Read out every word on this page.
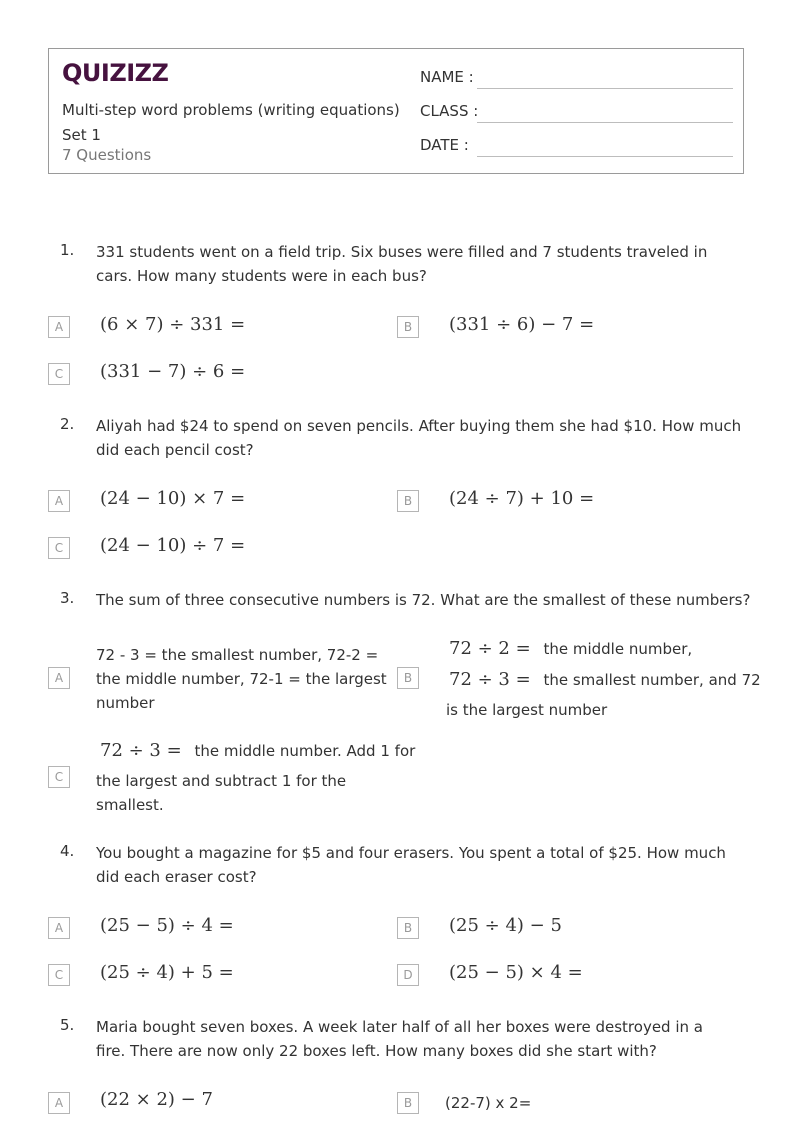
QUIZIZZ
Multi-step word problems (writing equations)
Set 1
7 Questions
NAME :
CLASS :
DATE :
1. 331 students went on a field trip. Six buses were filled and 7 students traveled in cars. How many students were in each bus?
A	(6 × 7) ÷ 331 =	B	(331 ÷ 6) − 7 =
C	(331 − 7) ÷ 6 =
2. Aliyah had $24 to spend on seven pencils. After buying them she had $10. How much did each pencil cost?
A	(24 − 10) × 7 =	B	(24 ÷ 7) + 10 =
C	(24 − 10) ÷ 7 =
3. The sum of three consecutive numbers is 72. What are the smallest of these numbers?
A
72 - 3 = the smallest number, 72-2 = the middle number, 72-1 = the largest number
B
72 ÷ 2 = the middle number,
72 ÷ 3 = the smallest number, and 72
is the largest number
C
72 ÷ 3 = the middle number. Add 1 for
the largest and subtract 1 for the
smallest.
4. You bought a magazine for $5 and four erasers. You spent a total of $25. How much did each eraser cost?
A	(25 − 5) ÷ 4 =	B	(25 ÷ 4) − 5
C	(25 ÷ 4) + 5 =	D	(25 − 5) × 4 =
5. Maria bought seven boxes. A week later half of all her boxes were destroyed in a fire. There are now only 22 boxes left. How many boxes did she start with?
A	(22 × 2) − 7	B	(22-7) x 2=
